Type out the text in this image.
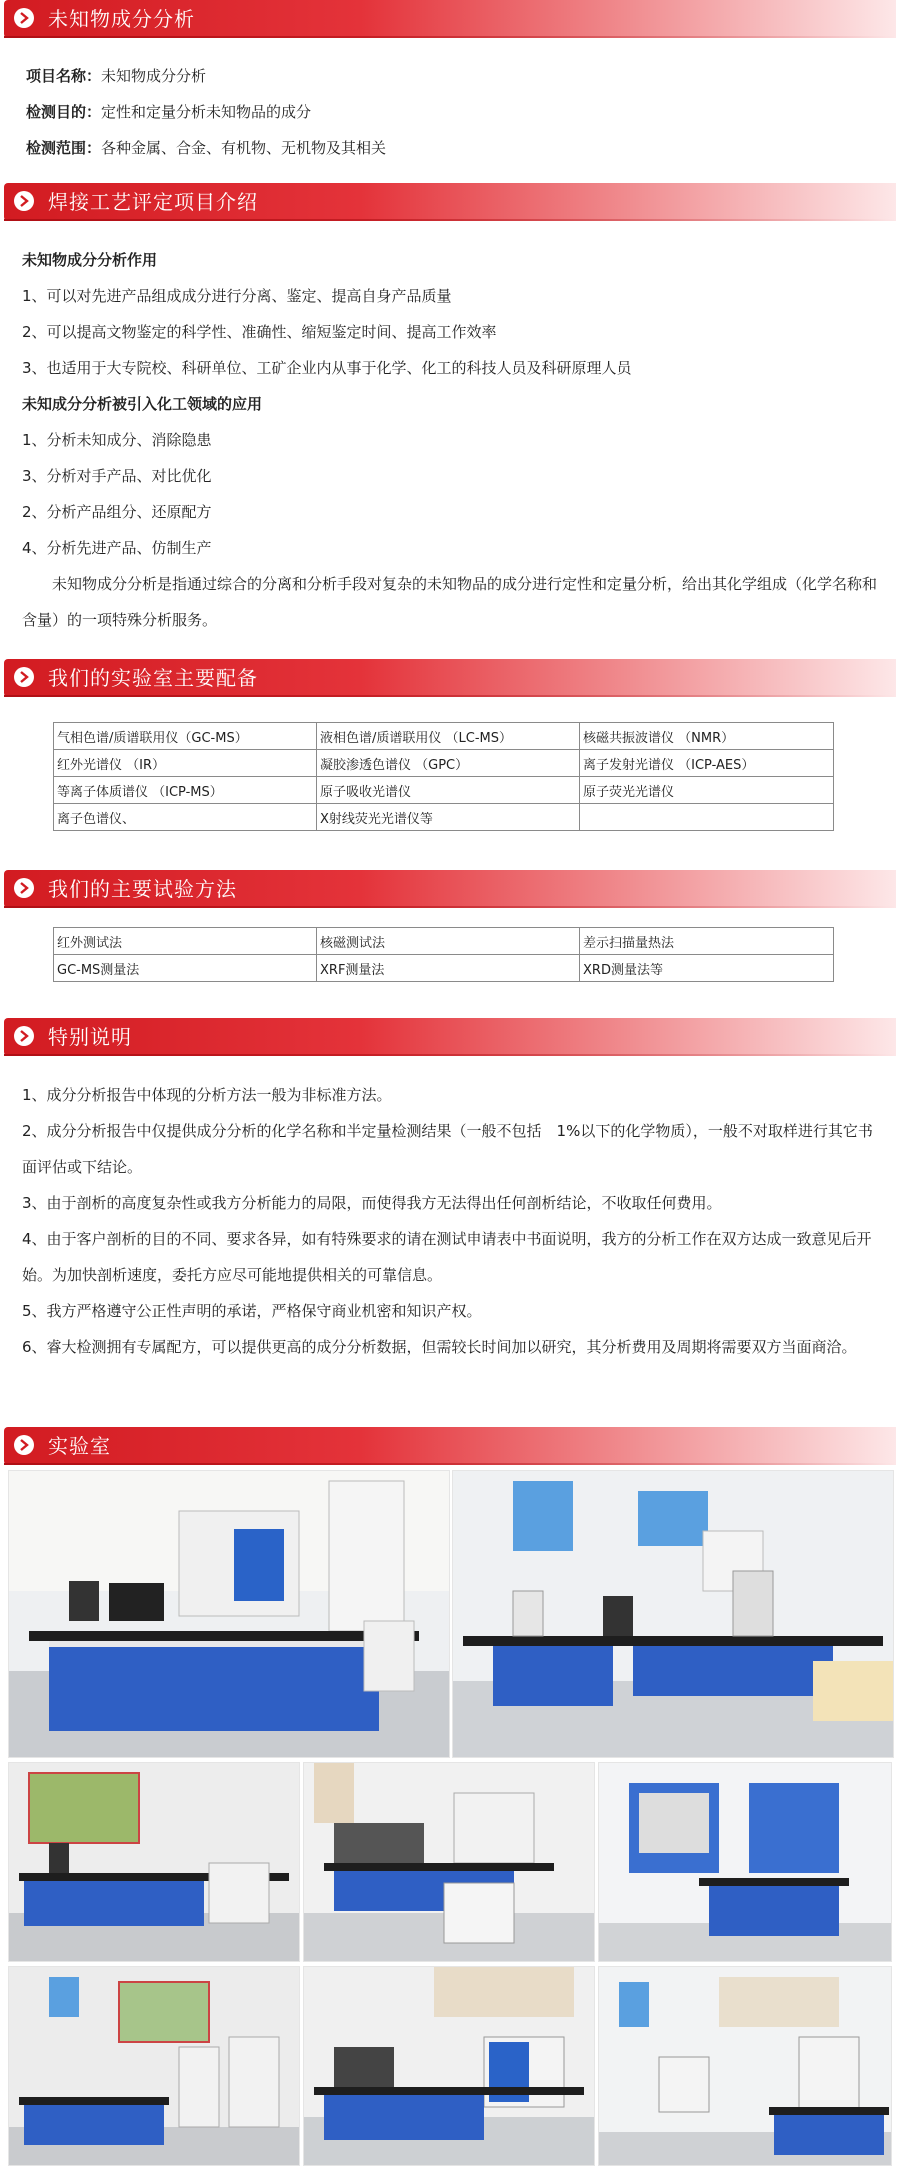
未知物成分分析
项目名称：未知物成分分析
检测目的：定性和定量分析未知物品的成分
检测范围：各种金属、合金、有机物、无机物及其相关
焊接工艺评定项目介绍
未知物成分分析作用
1、可以对先进产品组成成分进行分离、鉴定、提高自身产品质量
2、可以提高文物鉴定的科学性、准确性、缩短鉴定时间、提高工作效率
3、也适用于大专院校、科研单位、工矿企业内从事于化学、化工的科技人员及科研原理人员
未知成分分析被引入化工领域的应用
1、分析未知成分、消除隐患
3、分析对手产品、对比优化
2、分析产品组分、还原配方
4、分析先进产品、仿制生产
未知物成分分析是指通过综合的分离和分析手段对复杂的未知物品的成分进行定性和定量分析，给出其化学组成（化学名称和含量）的一项特殊分析服务。
我们的实验室主要配备
气相色谱/质谱联用仪（GC-MS）	液相色谱/质谱联用仪 （LC-MS）	核磁共振波谱仪 （NMR）
红外光谱仪 （IR）	凝胶渗透色谱仪 （GPC）	离子发射光谱仪 （ICP-AES）
等离子体质谱仪 （ICP-MS）	原子吸收光谱仪	原子荧光光谱仪
离子色谱仪、	X射线荧光光谱仪等	
我们的主要试验方法
红外测试法	核磁测试法	差示扫描量热法
GC-MS测量法	XRF测量法	XRD测量法等
特别说明
1、成分分析报告中体现的分析方法一般为非标准方法。
2、成分分析报告中仅提供成分分析的化学名称和半定量检测结果（一般不包括　1%以下的化学物质），一般不对取样进行其它书面评估或下结论。
3、由于剖析的高度复杂性或我方分析能力的局限，而使得我方无法得出任何剖析结论，不收取任何费用。
4、由于客户剖析的目的不同、要求各异，如有特殊要求的请在测试申请表中书面说明，我方的分析工作在双方达成一致意见后开始。为加快剖析速度，委托方应尽可能地提供相关的可靠信息。
5、我方严格遵守公正性声明的承诺，严格保守商业机密和知识产权。
6、睿大检测拥有专属配方，可以提供更高的成分分析数据，但需较长时间加以研究，其分析费用及周期将需要双方当面商洽。
实验室
